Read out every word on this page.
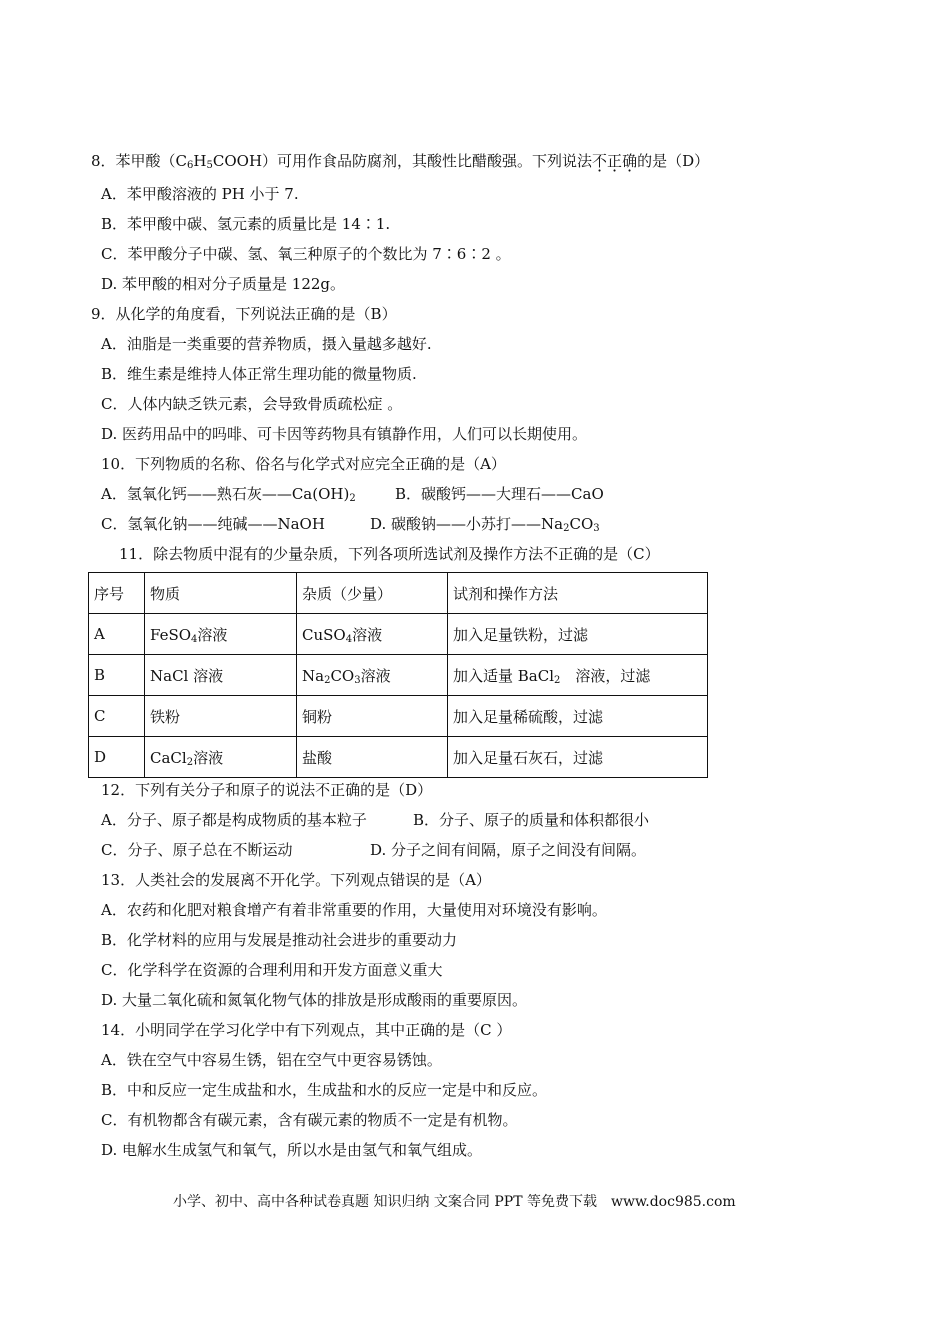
8．苯甲酸$(C_6H_5COOH)$可用作食品防腐剂，其酸性比醋酸强。下列说法不正确的是（D）
A．苯甲酸溶液的 PH 小于 7.
B．苯甲酸中碳、氢元素的质量比是 14∶1.
C．苯甲酸分子中碳、氢、氧三种原子的个数比为 7∶6∶2 。
D. 苯甲酸的相对分子质量是 122g。
9．从化学的角度看，下列说法正确的是（B）
A．油脂是一类重要的营养物质，摄入量越多越好.
B．维生素是维持人体正常生理功能的微量物质.
C．人体内缺乏铁元素，会导致骨质疏松症 。
D. 医药用品中的吗啡、可卡因等药物具有镇静作用，人们可以长期使用。
10．下列物质的名称、俗名与化学式对应完全正确的是（A）
A．氢氧化钙——熟石灰$——Ca(OH)_2$	B．碳酸钙——大理石——CaO
C．氢氧化钠——纯碱——NaOH	D. 碳酸钠——小苏打$——Na_2CO_3$
11．除去物质中混有的少量杂质，下列各项所选试剂及操作方法不正确的是（C）
序号	物质	杂质（少量）	试剂和操作方法
A	FeSO$_4$溶液	CuSO$_4$溶液	加入足量铁粉，过滤
B	NaCl 溶液	$Na_2CO_3$溶液	加入适量 BaCl$_2$　溶液，过滤
C	铁粉	铜粉	加入足量稀硫酸，过滤
D	CaCl$_2$溶液	盐酸	加入足量石灰石，过滤
12．下列有关分子和原子的说法不正确的是（D）
A．分子、原子都是构成物质的基本粒子	B．分子、原子的质量和体积都很小
C．分子、原子总在不断运动	D. 分子之间有间隔，原子之间没有间隔。
13．人类社会的发展离不开化学。下列观点错误的是（A）
A．农药和化肥对粮食增产有着非常重要的作用，大量使用对环境没有影响。
B．化学材料的应用与发展是推动社会进步的重要动力
C．化学科学在资源的合理利用和开发方面意义重大
D. 大量二氧化硫和氮氧化物气体的排放是形成酸雨的重要原因。
14．小明同学在学习化学中有下列观点，其中正确的是（C ）
A．铁在空气中容易生锈，铝在空气中更容易锈蚀。
B．中和反应一定生成盐和水，生成盐和水的反应一定是中和反应。
C．有机物都含有碳元素，含有碳元素的物质不一定是有机物。
D. 电解水生成氢气和氧气，所以水是由氢气和氧气组成。
小学、初中、高中各种试卷真题 知识归纳 文案合同 PPT 等免费下载　www.doc985.com
